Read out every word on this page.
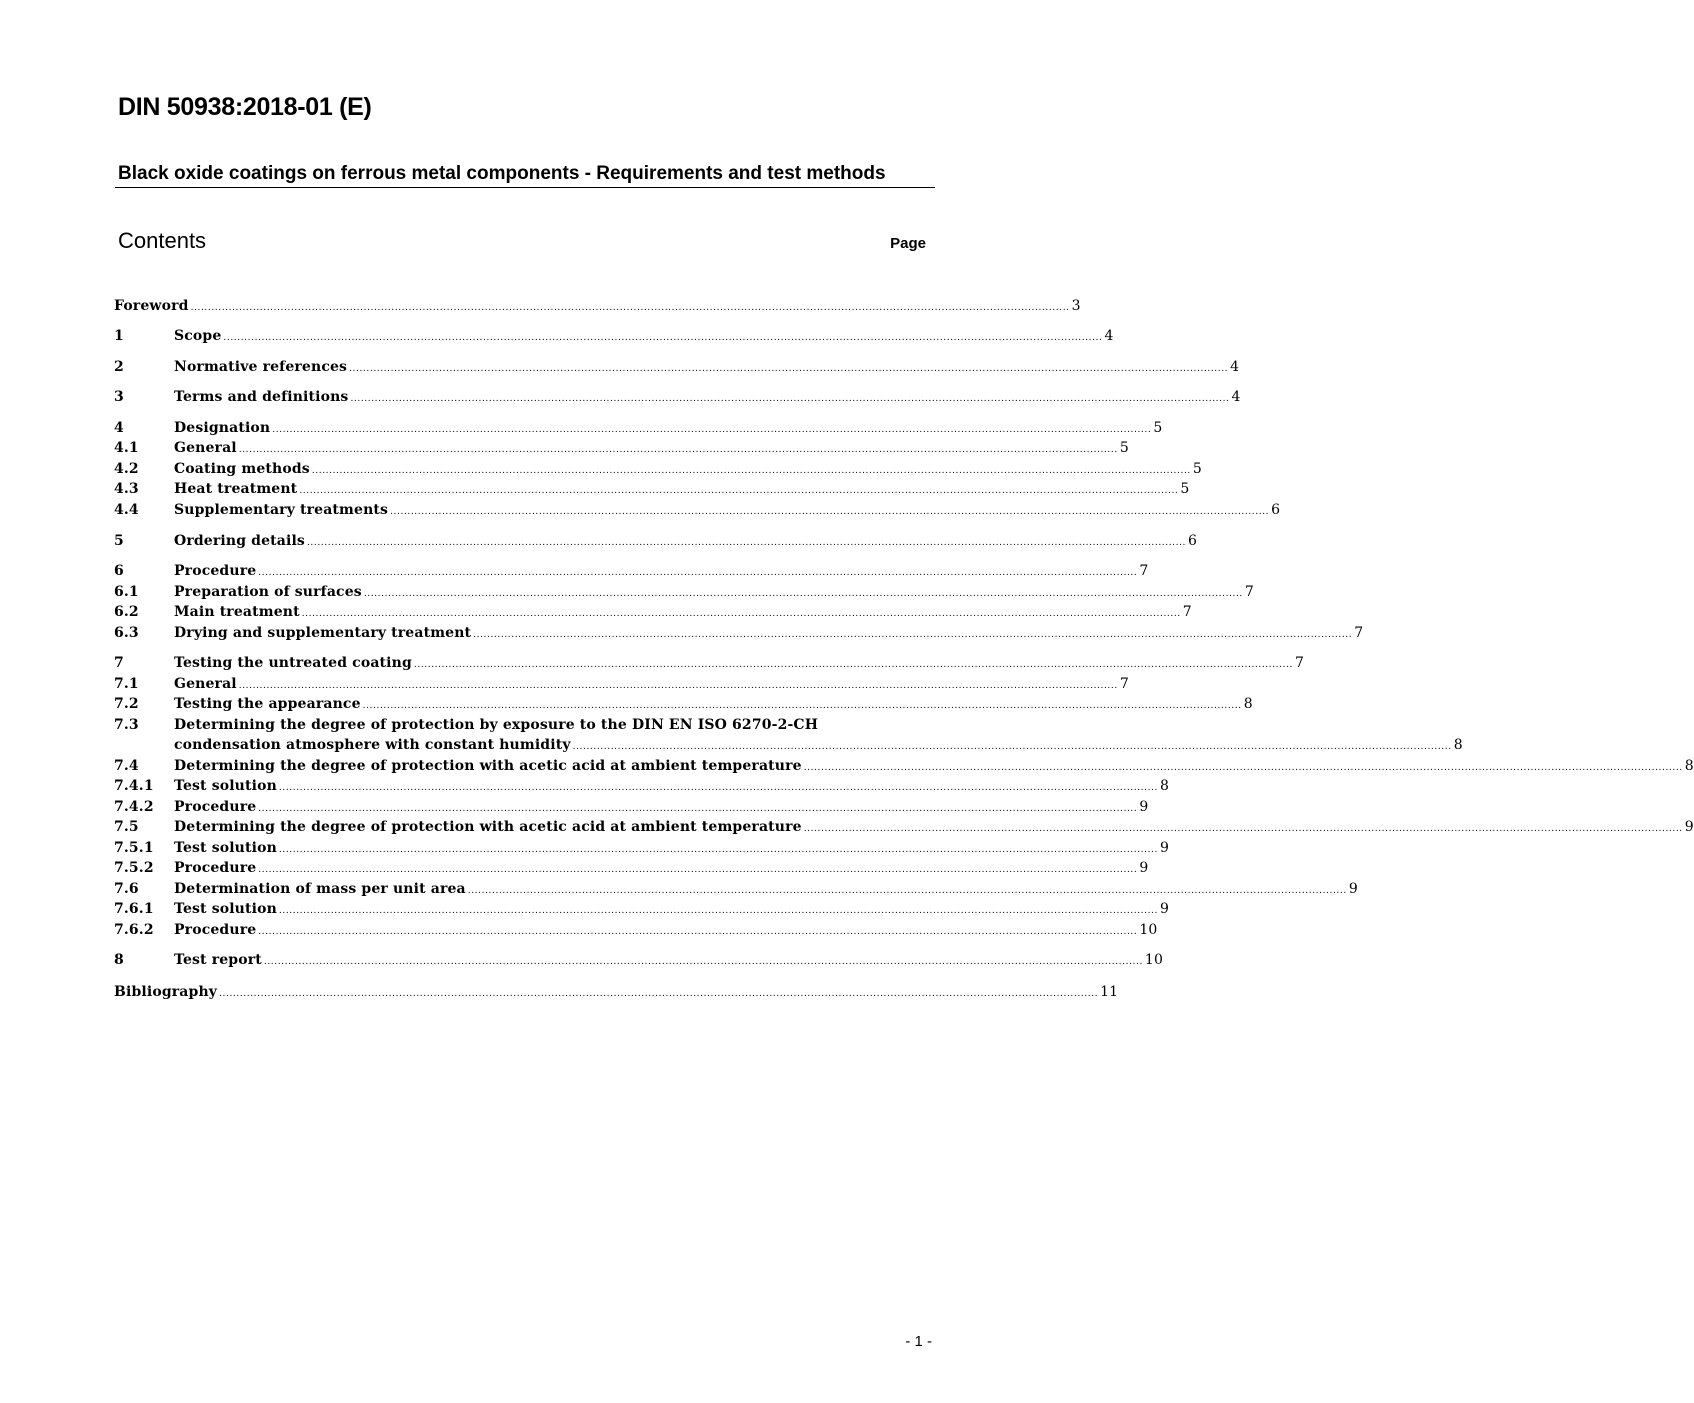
DIN 50938:2018-01 (E)
Black oxide coatings on ferrous metal components - Requirements and test methods
Contents	Page
Foreword .............................................................................................................................................................................................................................................................. 3
1	Scope .............................................................................................................................................................................................................................................................. 4
2	Normative references .............................................................................................................................................................................................................................................................. 4
3	Terms and definitions .............................................................................................................................................................................................................................................................. 4
4	Designation .............................................................................................................................................................................................................................................................. 5
4.1	General .............................................................................................................................................................................................................................................................. 5
4.2	Coating methods .............................................................................................................................................................................................................................................................. 5
4.3	Heat treatment .............................................................................................................................................................................................................................................................. 5
4.4	Supplementary treatments .............................................................................................................................................................................................................................................................. 6
5	Ordering details .............................................................................................................................................................................................................................................................. 6
6	Procedure .............................................................................................................................................................................................................................................................. 7
6.1	Preparation of surfaces .............................................................................................................................................................................................................................................................. 7
6.2	Main treatment .............................................................................................................................................................................................................................................................. 7
6.3	Drying and supplementary treatment .............................................................................................................................................................................................................................................................. 7
7	Testing the untreated coating .............................................................................................................................................................................................................................................................. 7
7.1	General .............................................................................................................................................................................................................................................................. 7
7.2	Testing the appearance .............................................................................................................................................................................................................................................................. 8
7.3	Determining the degree of protection by exposure to the DIN EN ISO 6270-2-CH
condensation atmosphere with constant humidity .............................................................................................................................................................................................................................................................. 8
7.4	Determining the degree of protection with acetic acid at ambient temperature .............................................................................................................................................................................................................................................................. 8
7.4.1 Test solution .............................................................................................................................................................................................................................................................. 8
7.4.2 Procedure .............................................................................................................................................................................................................................................................. 9
7.5	Determining the degree of protection with acetic acid at ambient temperature .............................................................................................................................................................................................................................................................. 9
7.5.1 Test solution .............................................................................................................................................................................................................................................................. 9
7.5.2 Procedure .............................................................................................................................................................................................................................................................. 9
7.6	Determination of mass per unit area .............................................................................................................................................................................................................................................................. 9
7.6.1 Test solution .............................................................................................................................................................................................................................................................. 9
7.6.2 Procedure .............................................................................................................................................................................................................................................................. 10
8	Test report .............................................................................................................................................................................................................................................................. 10
Bibliography .............................................................................................................................................................................................................................................................. 11
- 1 -
